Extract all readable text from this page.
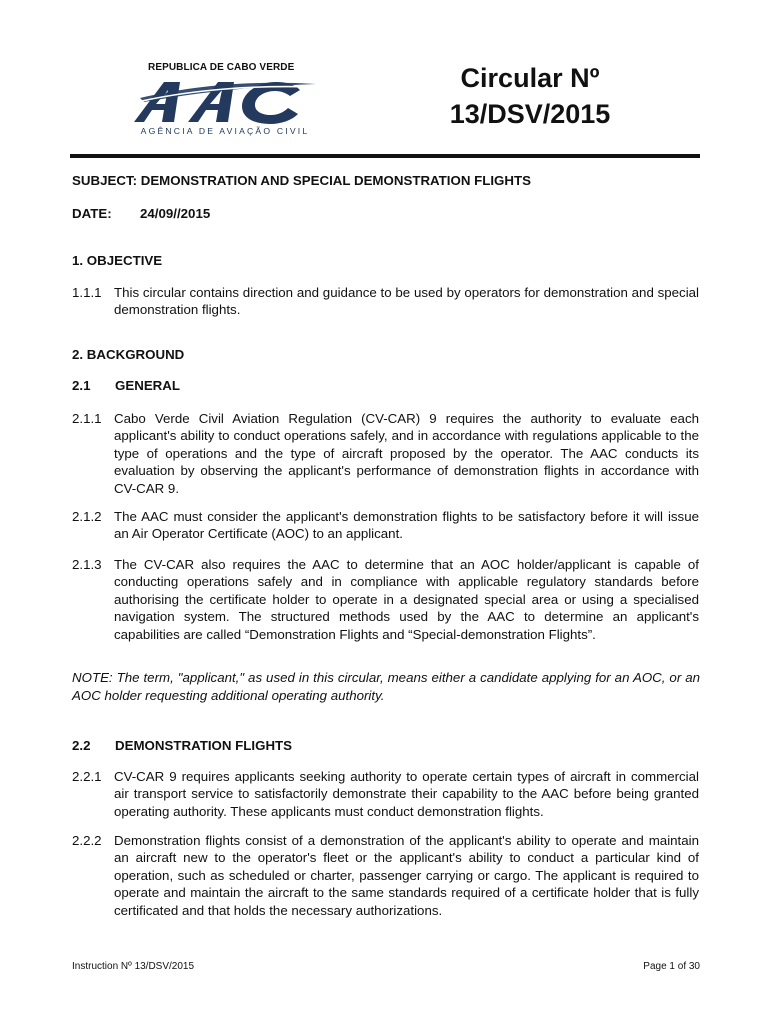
REPUBLICA DE CABO VERDE
AGÊNCIA DE AVIAÇÃO CIVIL
Circular Nº
13/DSV/2015
SUBJECT: DEMONSTRATION AND SPECIAL DEMONSTRATION FLIGHTS
DATE: 24/09//2015
1. OBJECTIVE
1.1.1 This circular contains direction and guidance to be used by operators for demonstration and special demonstration flights.
2. BACKGROUND
2.1 GENERAL
2.1.1 Cabo Verde Civil Aviation Regulation (CV-CAR) 9 requires the authority to evaluate each applicant's ability to conduct operations safely, and in accordance with regulations applicable to the type of operations and the type of aircraft proposed by the operator. The AAC conducts its evaluation by observing the applicant's performance of demonstration flights in accordance with CV-CAR 9.
2.1.2 The AAC must consider the applicant's demonstration flights to be satisfactory before it will issue an Air Operator Certificate (AOC) to an applicant.
2.1.3 The CV-CAR also requires the AAC to determine that an AOC holder/applicant is capable of conducting operations safely and in compliance with applicable regulatory standards before authorising the certificate holder to operate in a designated special area or using a specialised navigation system. The structured methods used by the AAC to determine an applicant's capabilities are called “Demonstration Flights and “Special-demonstration Flights”.
NOTE: The term, "applicant," as used in this circular, means either a candidate applying for an AOC, or an AOC holder requesting additional operating authority.
2.2 DEMONSTRATION FLIGHTS
2.2.1 CV-CAR 9 requires applicants seeking authority to operate certain types of aircraft in commercial air transport service to satisfactorily demonstrate their capability to the AAC before being granted operating authority. These applicants must conduct demonstration flights.
2.2.2 Demonstration flights consist of a demonstration of the applicant's ability to operate and maintain an aircraft new to the operator's fleet or the applicant's ability to conduct a particular kind of operation, such as scheduled or charter, passenger carrying or cargo. The applicant is required to operate and maintain the aircraft to the same standards required of a certificate holder that is fully certificated and that holds the necessary authorizations.
Instruction Nº 13/DSV/2015	Page 1 of 30
